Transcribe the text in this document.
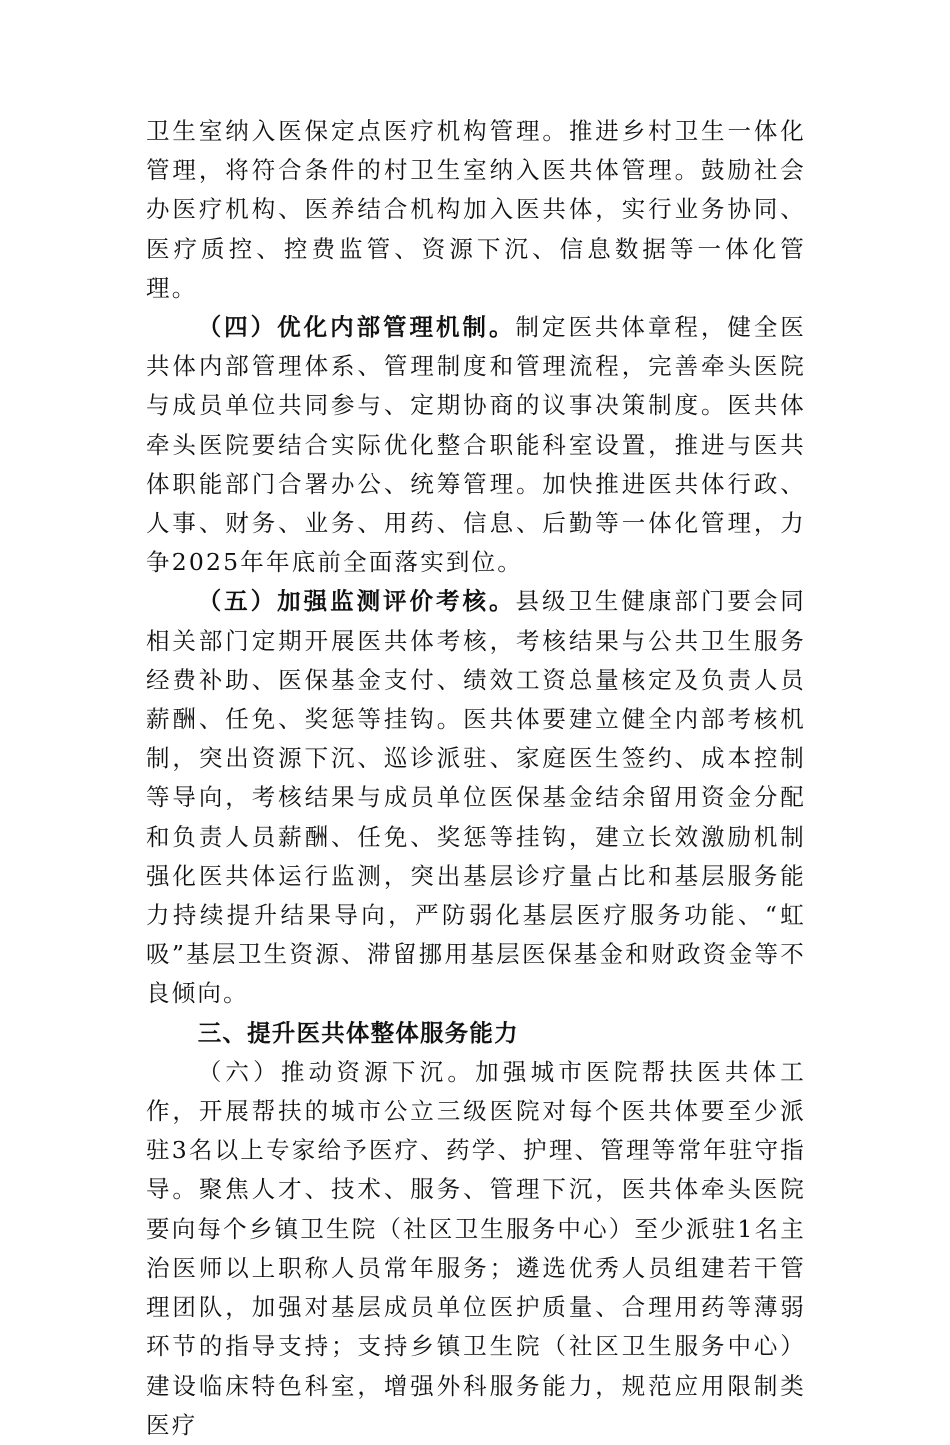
卫生室纳入医保定点医疗机构管理。推进乡村卫生一体化管理，将符合条件的村卫生室纳入医共体管理。鼓励社会办医疗机构、医养结合机构加入医共体，实行业务协同、医疗质控、控费监管、资源下沉、信息数据等一体化管理。

（四）优化内部管理机制。制定医共体章程，健全医共体内部管理体系、管理制度和管理流程，完善牵头医院与成员单位共同参与、定期协商的议事决策制度。医共体牵头医院要结合实际优化整合职能科室设置，推进与医共体职能部门合署办公、统筹管理。加快推进医共体行政、人事、财务、业务、用药、信息、后勤等一体化管理，力争2025年年底前全面落实到位。

（五）加强监测评价考核。县级卫生健康部门要会同相关部门定期开展医共体考核，考核结果与公共卫生服务经费补助、医保基金支付、绩效工资总量核定及负责人员薪酬、任免、奖惩等挂钩。医共体要建立健全内部考核机制，突出资源下沉、巡诊派驻、家庭医生签约、成本控制等导向，考核结果与成员单位医保基金结余留用资金分配和负责人员薪酬、任免、奖惩等挂钩，建立长效激励机制强化医共体运行监测，突出基层诊疗量占比和基层服务能力持续提升结果导向，严防弱化基层医疗服务功能、“虹吸”基层卫生资源、滞留挪用基层医保基金和财政资金等不良倾向。

三、提升医共体整体服务能力

（六）推动资源下沉。加强城市医院帮扶医共体工作，开展帮扶的城市公立三级医院对每个医共体要至少派驻3名以上专家给予医疗、药学、护理、管理等常年驻守指导。聚焦人才、技术、服务、管理下沉，医共体牵头医院要向每个乡镇卫生院（社区卫生服务中心）至少派驻1名主治医师以上职称人员常年服务；遴选优秀人员组建若干管理团队，加强对基层成员单位医护质量、合理用药等薄弱环节的指导支持；支持乡镇卫生院（社区卫生服务中心）建设临床特色科室，增强外科服务能力，规范应用限制类医疗
